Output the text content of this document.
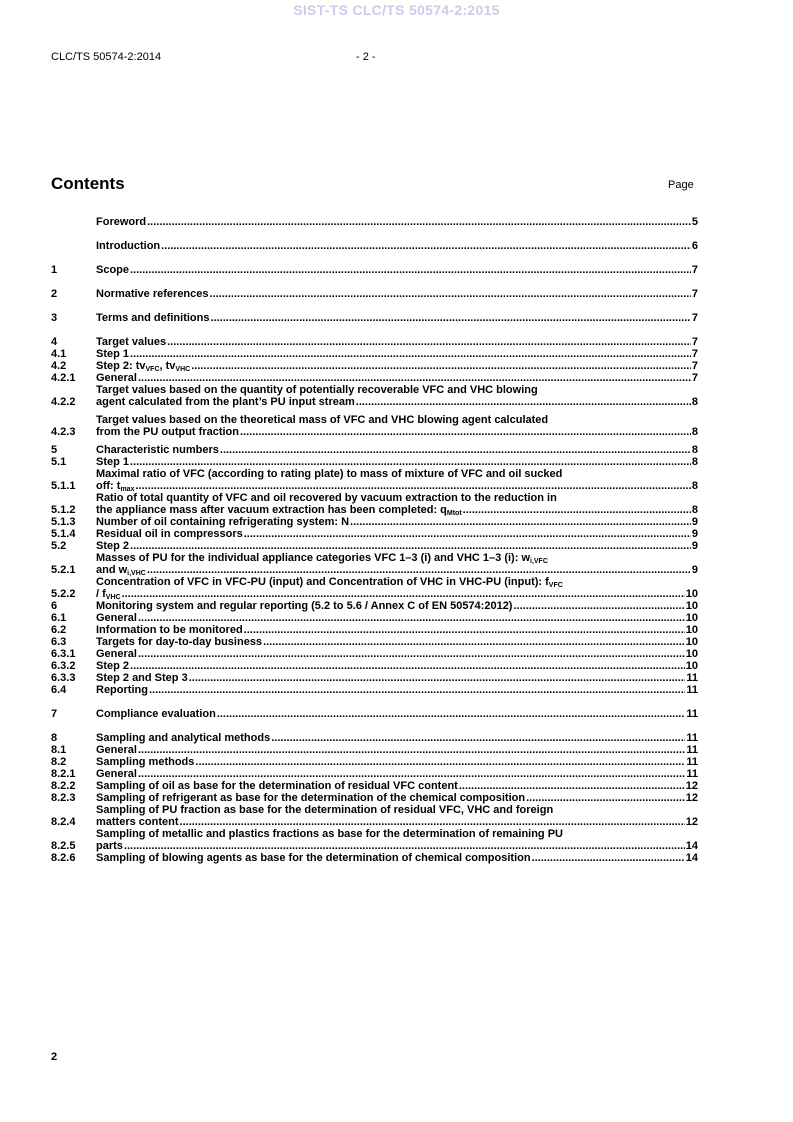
SIST-TS CLC/TS 50574-2:2015
CLC/TS 50574-2:2014	- 2 -
Contents	Page
Foreword .....	5
Introduction .....	6
1	Scope .....	7
2	Normative references .....	7
3	Terms and definitions .....	7
4	Target values .....	7
4.1	Step 1 .....	7
4.2	Step 2: $tv_{VFC}$, $tv_{VHC}$ .....	7
4.2.1	General .....	7
4.2.2
Target values based on the quantity of potentially recoverable VFC and VHC blowing
agent calculated from the plant’s PU input stream .....	8
4.2.3
Target values based on the theoretical mass of VFC and VHC blowing agent calculated
from the PU output fraction .....	8
5	Characteristic numbers .....	8
5.1	Step 1 .....	8
5.1.1
Maximal ratio of VFC (according to rating plate) to mass of mixture of VFC and oil sucked
off: $t_{max}$ .....	8
5.1.2
Ratio of total quantity of VFC and oil recovered by vacuum extraction to the reduction in
the appliance mass after vacuum extraction has been completed: $q_{Mtot}$ .....	8
5.1.3	Number of oil containing refrigerating system: N .....	9
5.1.4	Residual oil in compressors .....	9
5.2	Step 2 .....	9
5.2.1
Masses of PU for the individual appliance categories VFC 1–3 (i) and VHC 1–3 (i): $w_{i,VFC}$
and $w_{i,VHC}$ .....	9
5.2.2
Concentration of VFC in VFC-PU (input) and Concentration of VHC in VHC-PU (input): $f_{VFC}$
/ $f_{VHC}$ .....	10
6	Monitoring system and regular reporting (5.2 to 5.6 / Annex C of EN 50574:2012) .....	10
6.1	General .....	10
6.2	Information to be monitored .....	10
6.3	Targets for day-to-day business .....	10
6.3.1	General .....	10
6.3.2	Step 2 .....	10
6.3.3	Step 2 and Step 3 .....	11
6.4	Reporting .....	11
7	Compliance evaluation .....	11
8	Sampling and analytical methods .....	11
8.1	General .....	11
8.2	Sampling methods .....	11
8.2.1	General .....	11
8.2.2	Sampling of oil as base for the determination of residual VFC content .....	12
8.2.3	Sampling of refrigerant as base for the determination of the chemical composition .....	12
8.2.4
Sampling of PU fraction as base for the determination of residual VFC, VHC and foreign
matters content .....	12
8.2.5
Sampling of metallic and plastics fractions as base for the determination of remaining PU
parts .....	14
8.2.6	Sampling of blowing agents as base for the determination of chemical composition .....	14
2
